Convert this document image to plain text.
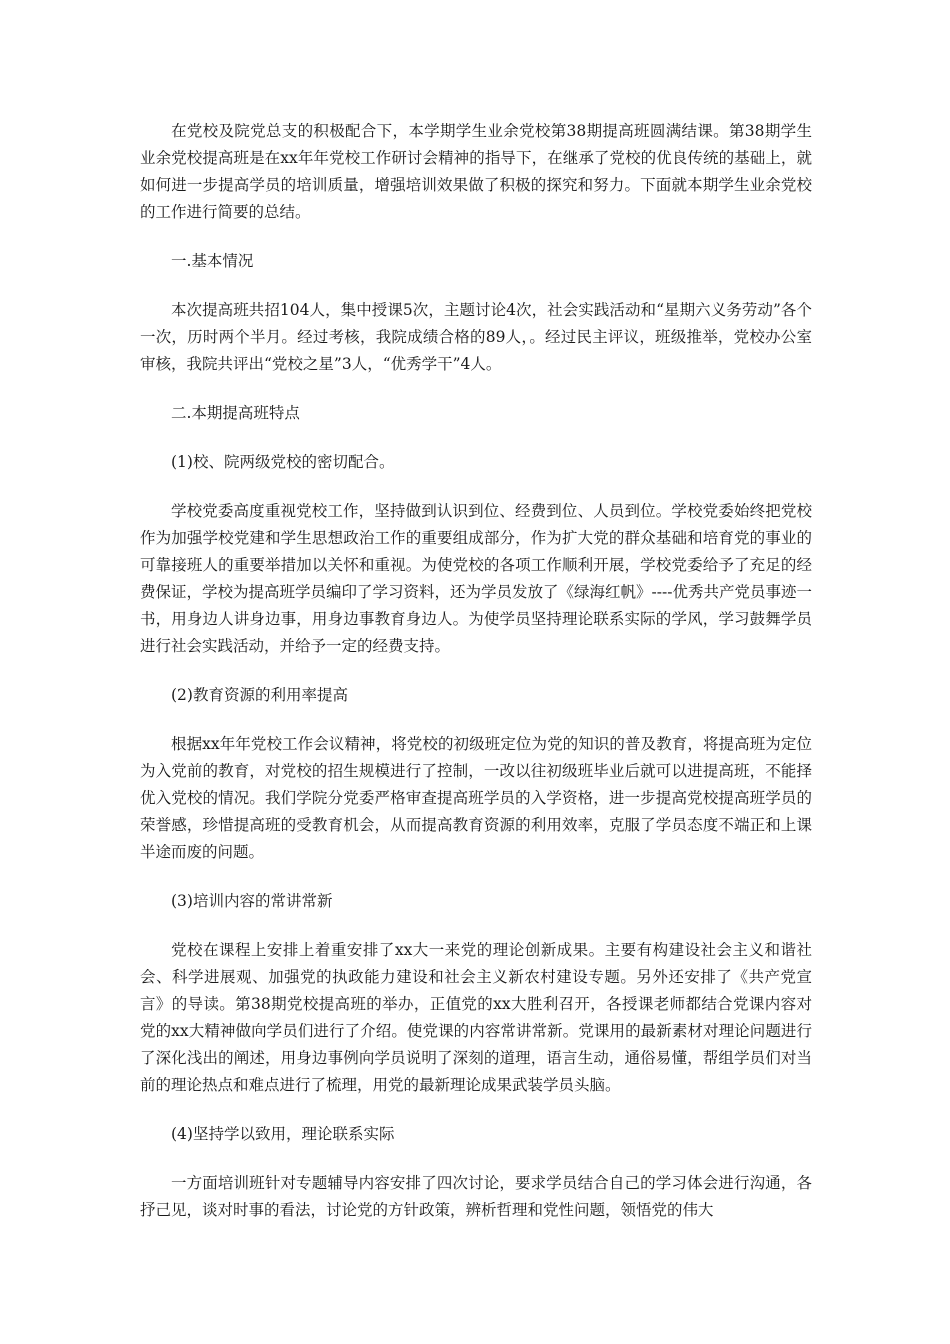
在党校及院党总支的积极配合下，本学期学生业余党校第38期提高班圆满结课。第38期学生业余党校提高班是在xx年年党校工作研讨会精神的指导下，在继承了党校的优良传统的基础上，就如何进一步提高学员的培训质量，增强培训效果做了积极的探究和努力。下面就本期学生业余党校的工作进行简要的总结。

一.基本情况

本次提高班共招104人，集中授课5次，主题讨论4次，社会实践活动和“星期六义务劳动”各个一次，历时两个半月。经过考核，我院成绩合格的89人，。经过民主评议，班级推举，党校办公室审核，我院共评出“党校之星”3人，“优秀学干”4人。

二.本期提高班特点

(1)校、院两级党校的密切配合。

学校党委高度重视党校工作，坚持做到认识到位、经费到位、人员到位。学校党委始终把党校作为加强学校党建和学生思想政治工作的重要组成部分，作为扩大党的群众基础和培育党的事业的可靠接班人的重要举措加以关怀和重视。为使党校的各项工作顺利开展，学校党委给予了充足的经费保证，学校为提高班学员编印了学习资料，还为学员发放了《绿海红帆》----优秀共产党员事迹一书，用身边人讲身边事，用身边事教育身边人。为使学员坚持理论联系实际的学风，学习鼓舞学员进行社会实践活动，并给予一定的经费支持。

(2)教育资源的利用率提高

根据xx年年党校工作会议精神，将党校的初级班定位为党的知识的普及教育，将提高班为定位为入党前的教育，对党校的招生规模进行了控制，一改以往初级班毕业后就可以进提高班，不能择优入党校的情况。我们学院分党委严格审查提高班学员的入学资格，进一步提高党校提高班学员的荣誉感，珍惜提高班的受教育机会，从而提高教育资源的利用效率，克服了学员态度不端正和上课半途而废的问题。

(3)培训内容的常讲常新

党校在课程上安排上着重安排了xx大一来党的理论创新成果。主要有构建设社会主义和谐社会、科学进展观、加强党的执政能力建设和社会主义新农村建设专题。另外还安排了《共产党宣言》的导读。第38期党校提高班的举办，正值党的xx大胜利召开，各授课老师都结合党课内容对党的xx大精神做向学员们进行了介绍。使党课的内容常讲常新。党课用的最新素材对理论问题进行了深化浅出的阐述，用身边事例向学员说明了深刻的道理，语言生动，通俗易懂，帮组学员们对当前的理论热点和难点进行了梳理，用党的最新理论成果武装学员头脑。

(4)坚持学以致用，理论联系实际

一方面培训班针对专题辅导内容安排了四次讨论，要求学员结合自己的学习体会进行沟通，各抒己见，谈对时事的看法，讨论党的方针政策，辨析哲理和党性问题，领悟党的伟大
